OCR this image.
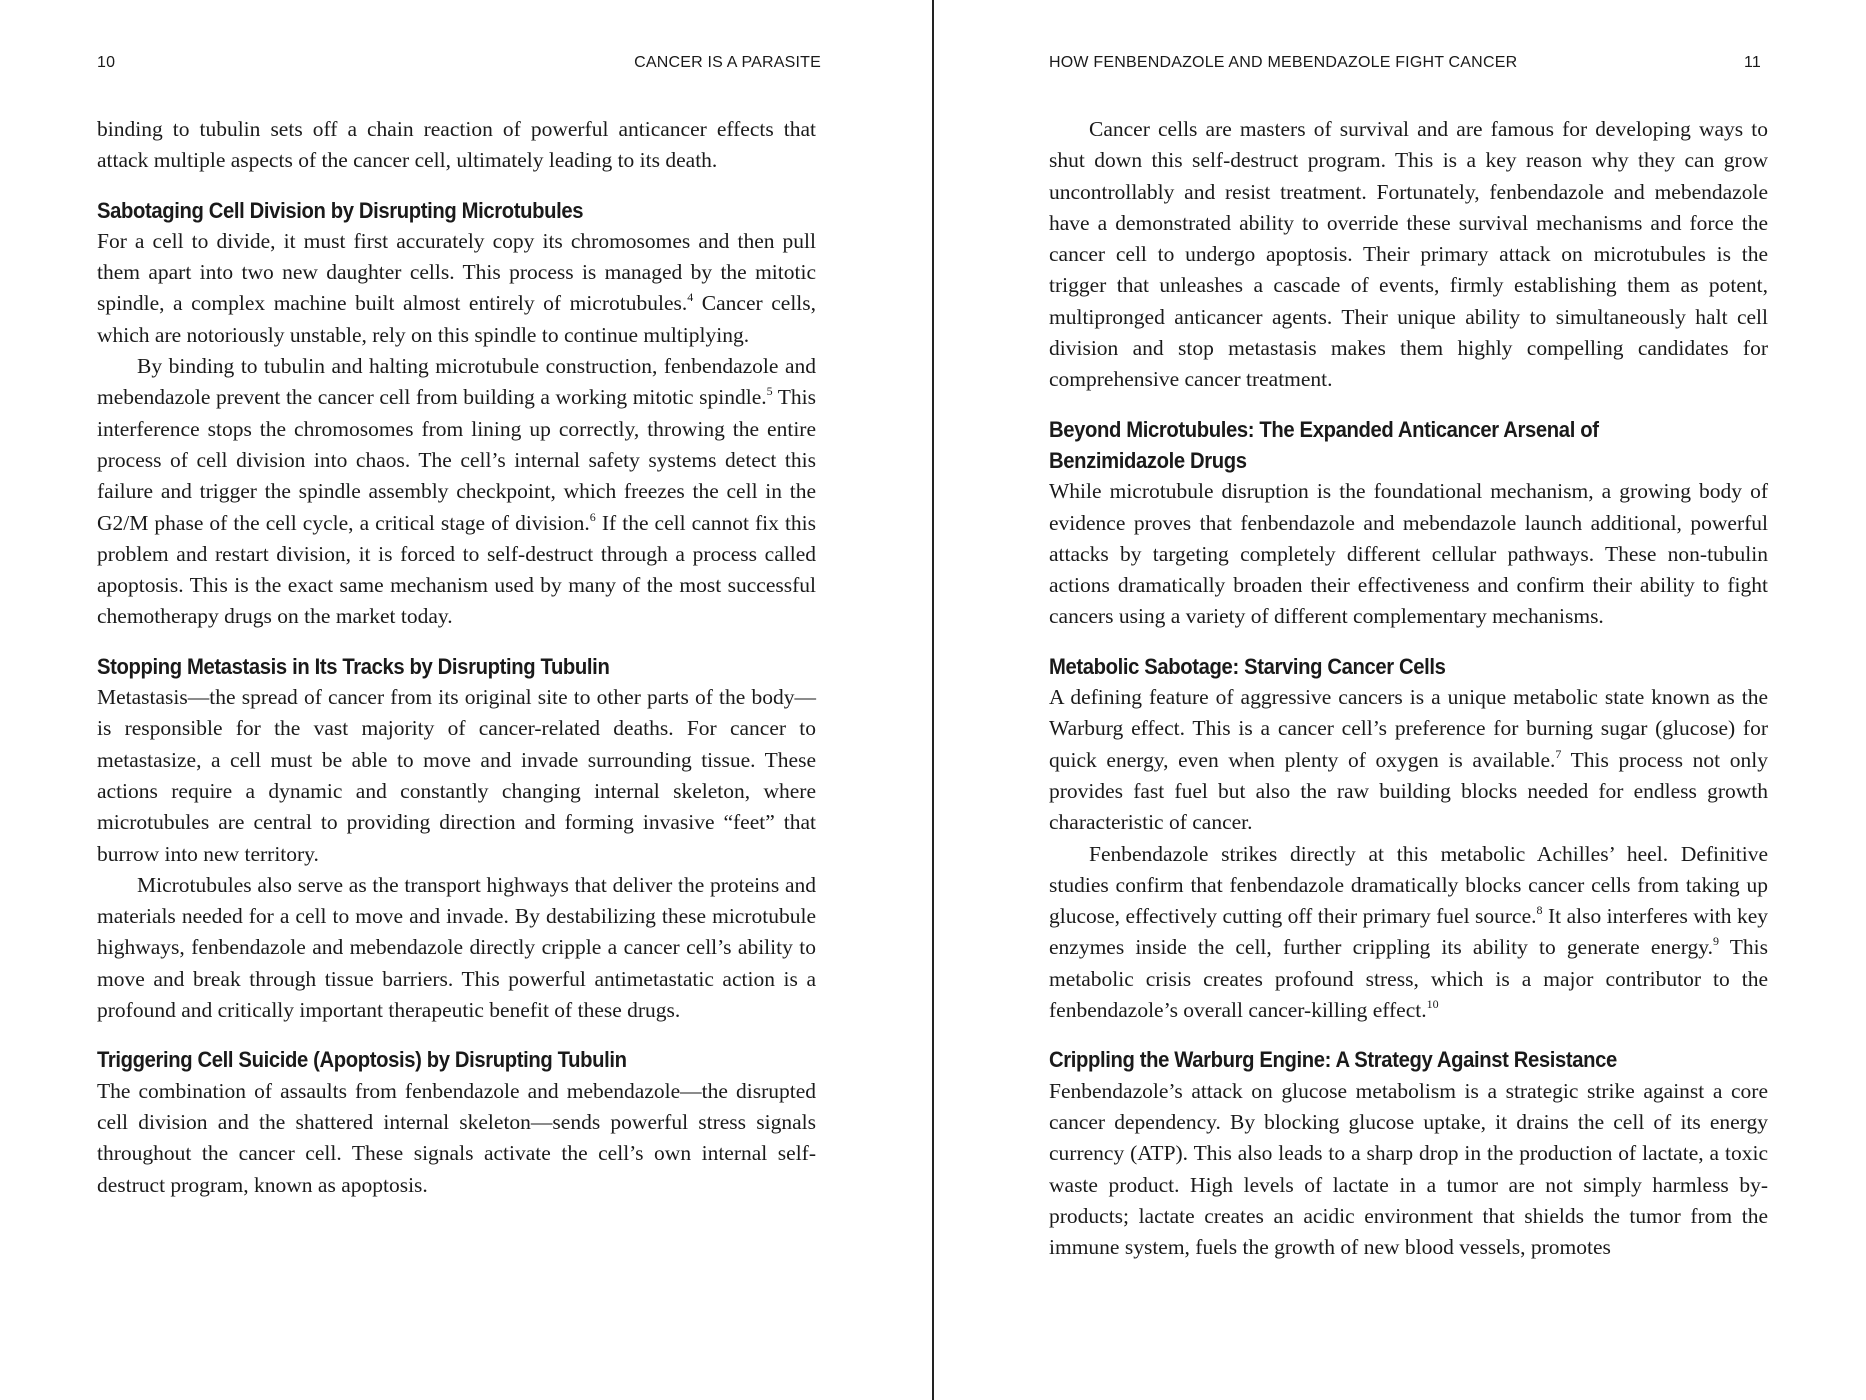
10	CANCER IS A PARASITE

binding to tubulin sets off a chain reaction of powerful anticancer effects that attack multiple aspects of the cancer cell, ultimately leading to its death.

Sabotaging Cell Division by Disrupting Microtubules

For a cell to divide, it must first accurately copy its chromosomes and then pull them apart into two new daughter cells. This process is managed by the mitotic spindle, a complex machine built almost entirely of microtubules.$^4$ Cancer cells, which are notoriously unstable, rely on this spindle to continue multiplying.

By binding to tubulin and halting microtubule construction, fenbendazole and mebendazole prevent the cancer cell from building a working mitotic spindle.$^5$ This interference stops the chromosomes from lining up correctly, throwing the entire process of cell division into chaos. The cell’s internal safety systems detect this failure and trigger the spindle assembly checkpoint, which freezes the cell in the G2/M phase of the cell cycle, a critical stage of division.$^6$ If the cell cannot fix this problem and restart division, it is forced to self-destruct through a process called apoptosis. This is the exact same mechanism used by many of the most successful chemotherapy drugs on the market today.

Stopping Metastasis in Its Tracks by Disrupting Tubulin

Metastasis—the spread of cancer from its original site to other parts of the body—is responsible for the vast majority of cancer-related deaths. For cancer to metastasize, a cell must be able to move and invade surrounding tissue. These actions require a dynamic and constantly changing internal skeleton, where microtubules are central to providing direction and forming invasive “feet” that burrow into new territory.

Microtubules also serve as the transport highways that deliver the proteins and materials needed for a cell to move and invade. By destabilizing these microtubule highways, fenbendazole and mebendazole directly cripple a cancer cell’s ability to move and break through tissue barriers. This powerful antimetastatic action is a profound and critically important therapeutic benefit of these drugs.

Triggering Cell Suicide (Apoptosis) by Disrupting Tubulin

The combination of assaults from fenbendazole and mebendazole—the disrupted cell division and the shattered internal skeleton—sends powerful stress signals throughout the cancer cell. These signals activate the cell’s own internal self-destruct program, known as apoptosis.

HOW FENBENDAZOLE AND MEBENDAZOLE FIGHT CANCER	11

Cancer cells are masters of survival and are famous for developing ways to shut down this self-destruct program. This is a key reason why they can grow uncontrollably and resist treatment. Fortunately, fenbendazole and mebendazole have a demonstrated ability to override these survival mechanisms and force the cancer cell to undergo apoptosis. Their primary attack on microtubules is the trigger that unleashes a cascade of events, firmly establishing them as potent, multipronged anticancer agents. Their unique ability to simultaneously halt cell division and stop metastasis makes them highly compelling candidates for comprehensive cancer treatment.

Beyond Microtubules: The Expanded Anticancer Arsenal of Benzimidazole Drugs

While microtubule disruption is the foundational mechanism, a growing body of evidence proves that fenbendazole and mebendazole launch additional, powerful attacks by targeting completely different cellular pathways. These non-tubulin actions dramatically broaden their effectiveness and confirm their ability to fight cancers using a variety of different complementary mechanisms.

Metabolic Sabotage: Starving Cancer Cells

A defining feature of aggressive cancers is a unique metabolic state known as the Warburg effect. This is a cancer cell’s preference for burning sugar (glucose) for quick energy, even when plenty of oxygen is available.$^7$ This process not only provides fast fuel but also the raw building blocks needed for endless growth characteristic of cancer.

Fenbendazole strikes directly at this metabolic Achilles’ heel. Definitive studies confirm that fenbendazole dramatically blocks cancer cells from taking up glucose, effectively cutting off their primary fuel source.$^8$ It also interferes with key enzymes inside the cell, further crippling its ability to generate energy.$^9$ This metabolic crisis creates profound stress, which is a major contributor to the fenbendazole’s overall cancer-killing effect.$^{10}$

Crippling the Warburg Engine: A Strategy Against Resistance

Fenbendazole’s attack on glucose metabolism is a strategic strike against a core cancer dependency. By blocking glucose uptake, it drains the cell of its energy currency (ATP). This also leads to a sharp drop in the production of lactate, a toxic waste product. High levels of lactate in a tumor are not simply harmless by-products; lactate creates an acidic environment that shields the tumor from the immune system, fuels the growth of new blood vessels, promotes
